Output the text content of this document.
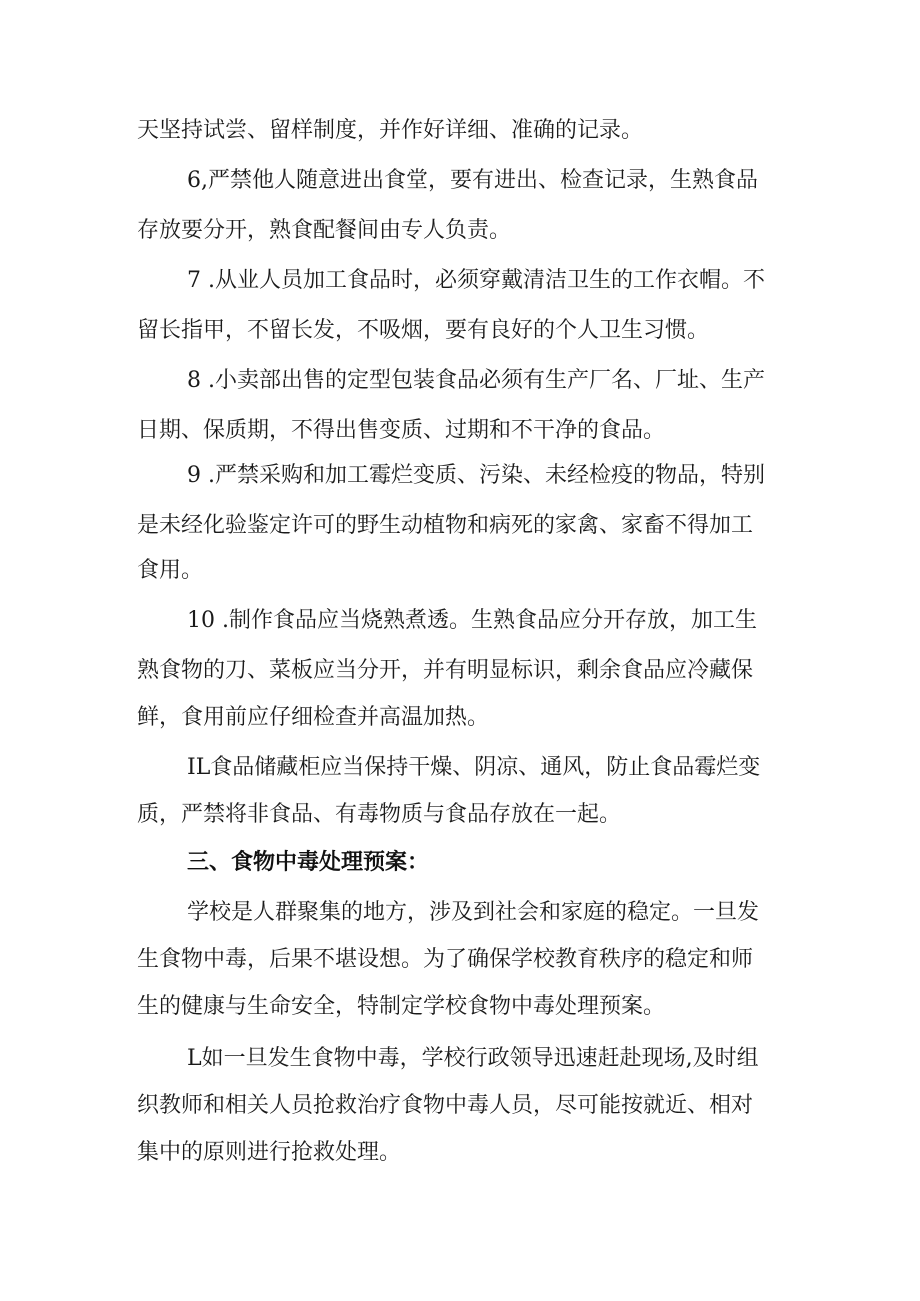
天坚持试尝、留样制度，并作好详细、准确的记录。
6,严禁他人随意进出食堂，要有进出、检查记录，生熟食品
存放要分开，熟食配餐间由专人负责。
7 .从业人员加工食品时，必须穿戴清洁卫生的工作衣帽。不
留长指甲，不留长发，不吸烟，要有良好的个人卫生习惯。
8 .小卖部出售的定型包装食品必须有生产厂名、厂址、生产
日期、保质期，不得出售变质、过期和不干净的食品。
9 .严禁采购和加工霉烂变质、污染、未经检疫的物品，特别
是未经化验鉴定许可的野生动植物和病死的家禽、家畜不得加工
食用。
10 .制作食品应当烧熟煮透。生熟食品应分开存放，加工生
熟食物的刀、菜板应当分开，并有明显标识，剩余食品应冷藏保
鲜，食用前应仔细检查并高温加热。
IL食品储藏柜应当保持干燥、阴凉、通风，防止食品霉烂变
质，严禁将非食品、有毒物质与食品存放在一起。
三、食物中毒处理预案：
学校是人群聚集的地方，涉及到社会和家庭的稳定。一旦发
生食物中毒，后果不堪设想。为了确保学校教育秩序的稳定和师
生的健康与生命安全，特制定学校食物中毒处理预案。
L如一旦发生食物中毒，学校行政领导迅速赶赴现场,及时组
织教师和相关人员抢救治疗食物中毒人员，尽可能按就近、相对
集中的原则进行抢救处理。
